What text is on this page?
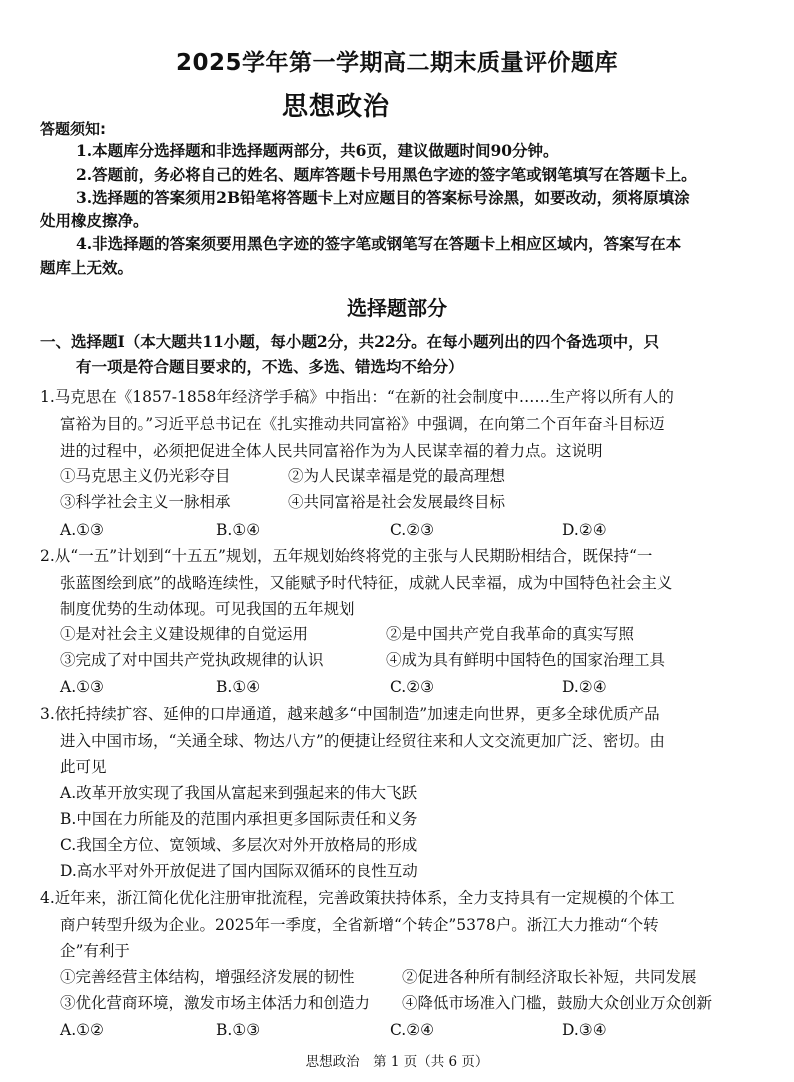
2025学年第一学期高二期末质量评价题库
思想政治
答题须知:
1.本题库分选择题和非选择题两部分，共6页，建议做题时间90分钟。
2.答题前，务必将自己的姓名、题库答题卡号用黑色字迹的签字笔或钢笔填写在答题卡上。
3.选择题的答案须用2B铅笔将答题卡上对应题目的答案标号涂黑，如要改动，须将原填涂
处用橡皮擦净。
4.非选择题的答案须要用黑色字迹的签字笔或钢笔写在答题卡上相应区域内，答案写在本
题库上无效。
选择题部分
一、选择题Ⅰ（本大题共11小题，每小题2分，共22分。在每小题列出的四个备选项中，只
有一项是符合题目要求的，不选、多选、错选均不给分）
1.马克思在《1857-1858年经济学手稿》中指出：“在新的社会制度中……生产将以所有人的
富裕为目的。”习近平总书记在《扎实推动共同富裕》中强调，在向第二个百年奋斗目标迈
进的过程中，必须把促进全体人民共同富裕作为为人民谋幸福的着力点。这说明
①马克思主义仍光彩夺目	②为人民谋幸福是党的最高理想
③科学社会主义一脉相承	④共同富裕是社会发展最终目标
A.①③	B.①④	C.②③	D.②④
2.从“一五”计划到“十五五”规划，五年规划始终将党的主张与人民期盼相结合，既保持“一
张蓝图绘到底”的战略连续性，又能赋予时代特征，成就人民幸福，成为中国特色社会主义
制度优势的生动体现。可见我国的五年规划
①是对社会主义建设规律的自觉运用	②是中国共产党自我革命的真实写照
③完成了对中国共产党执政规律的认识	④成为具有鲜明中国特色的国家治理工具
A.①③	B.①④	C.②③	D.②④
3.依托持续扩容、延伸的口岸通道，越来越多“中国制造”加速走向世界，更多全球优质产品
进入中国市场，“关通全球、物达八方”的便捷让经贸往来和人文交流更加广泛、密切。由
此可见
A.改革开放实现了我国从富起来到强起来的伟大飞跃
B.中国在力所能及的范围内承担更多国际责任和义务
C.我国全方位、宽领域、多层次对外开放格局的形成
D.高水平对外开放促进了国内国际双循环的良性互动
4.近年来，浙江简化优化注册审批流程，完善政策扶持体系，全力支持具有一定规模的个体工
商户转型升级为企业。2025年一季度，全省新增“个转企”5378户。浙江大力推动“个转
企”有利于
①完善经营主体结构，增强经济发展的韧性	②促进各种所有制经济取长补短，共同发展
③优化营商环境，激发市场主体活力和创造力 ④降低市场准入门槛，鼓励大众创业万众创新
A.①②	B.①③	C.②④	D.③④
思想政治　第 1 页（共 6 页）
